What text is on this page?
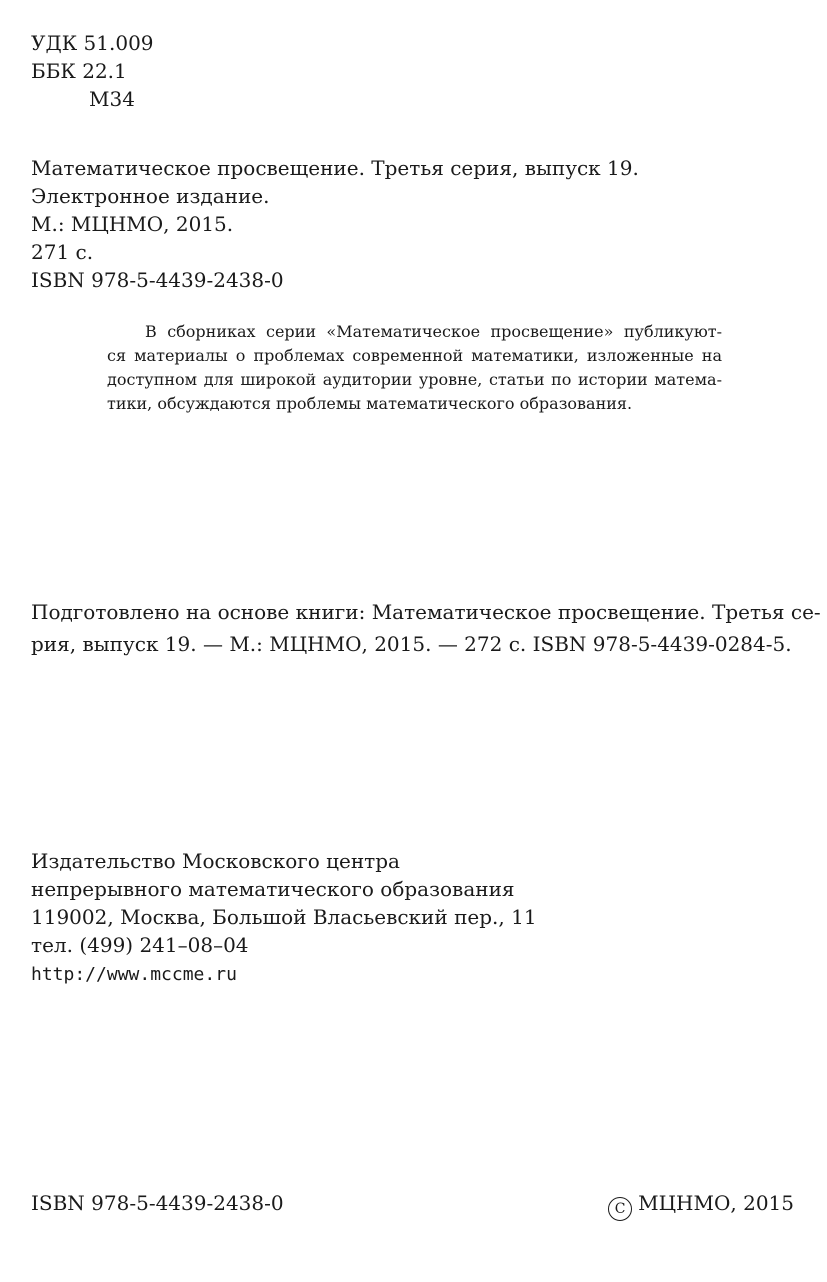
УДК 51.009
ББК 22.1
М34
Математическое просвещение. Третья серия, выпуск 19.
Электронное издание.
М.: МЦНМО, 2015.
271 с.
ISBN 978-5-4439-2438-0
В сборниках серии «Математическое просвещение» публикуют-
ся материалы о проблемах современной математики, изложенные на
доступном для широкой аудитории уровне, статьи по истории матема-
тики, обсуждаются проблемы математического образования.
Подготовлено на основе книги: Математическое просвещение. Третья се-
рия, выпуск 19. — М.: МЦНМО, 2015. — 272 с. ISBN 978-5-4439-0284-5.
Издательство Московского центра
непрерывного математического образования
119002, Москва, Большой Власьевский пер., 11
тел. (499) 241–08–04
http://www.mccme.ru
ISBN 978-5-4439-2438-0	C МЦНМО, 2015
